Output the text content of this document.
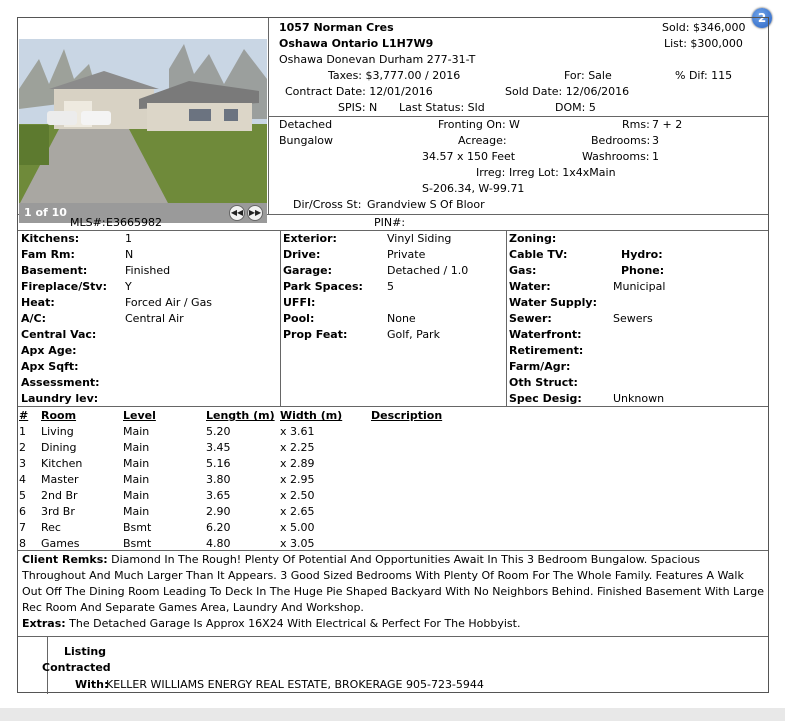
2
1 of 10	◀◀ ▶▶
1057 Norman Cres
Oshawa Ontario L1H7W9
Oshawa Donevan Durham 277-31-T
Taxes: $3,777.00 / 2016
Contract Date: 12/01/2016
SPIS: N Last Status: Sld
Sold: $346,000
List: $300,000
For: Sale	% Dif: 115
Sold Date: 12/06/2016
DOM: 5
Detached
Bungalow
Fronting On: W
Acreage:
34.57 x 150 Feet
Irreg: Irreg Lot: 1x4xMain
S-206.34, W-99.71
Dir/Cross St: Grandview S Of Bloor
Rms: 7 + 2
Bedrooms: 3
Washrooms: 1
MLS#: E3665982	PIN#:
Kitchens:	1
Fam Rm:	N
Basement:	Finished
Fireplace/Stv: Y
Heat:	Forced Air / Gas
A/C:	Central Air
Central Vac:
Apx Age:
Apx Sqft:
Assessment:
Laundry lev:
Exterior:	Vinyl Siding
Drive:	Private
Garage:	Detached / 1.0
Park Spaces: 5
UFFI:
Pool:	None
Prop Feat:	Golf, Park
Zoning:
Cable TV:
Gas:
Water:	Municipal
Water Supply:
Sewer:	Sewers
Waterfront:
Retirement:
Farm/Agr:
Oth Struct:
Spec Desig:	Unknown
Hydro:
Phone:
# Room	Level	Length (m) Width (m)	Description
1 Living	Main	5.20	x 3.61
2 Dining	Main	3.45	x 2.25
3 Kitchen	Main	5.16	x 2.89
4 Master	Main	3.80	x 2.95
5 2nd Br	Main	3.65	x 2.50
6 3rd Br	Main	2.90	x 2.65
7 Rec	Bsmt	6.20	x 5.00
8 Games	Bsmt	4.80	x 3.05
Client Remks: Diamond In The Rough! Plenty Of Potential And Opportunities Await In This 3 Bedroom Bungalow. Spacious Throughout And Much Larger Than It Appears. 3 Good Sized Bedrooms With Plenty Of Room For The Whole Family. Features A Walk Out Off The Dining Room Leading To Deck In The Huge Pie Shaped Backyard With No Neighbors Behind. Finished Basement With Large Rec Room And Separate Games Area, Laundry And Workshop.
Extras: The Detached Garage Is Approx 16X24 With Electrical & Perfect For The Hobbyist.
Listing
Contracted
With:
KELLER WILLIAMS ENERGY REAL ESTATE, BROKERAGE 905-723-5944
